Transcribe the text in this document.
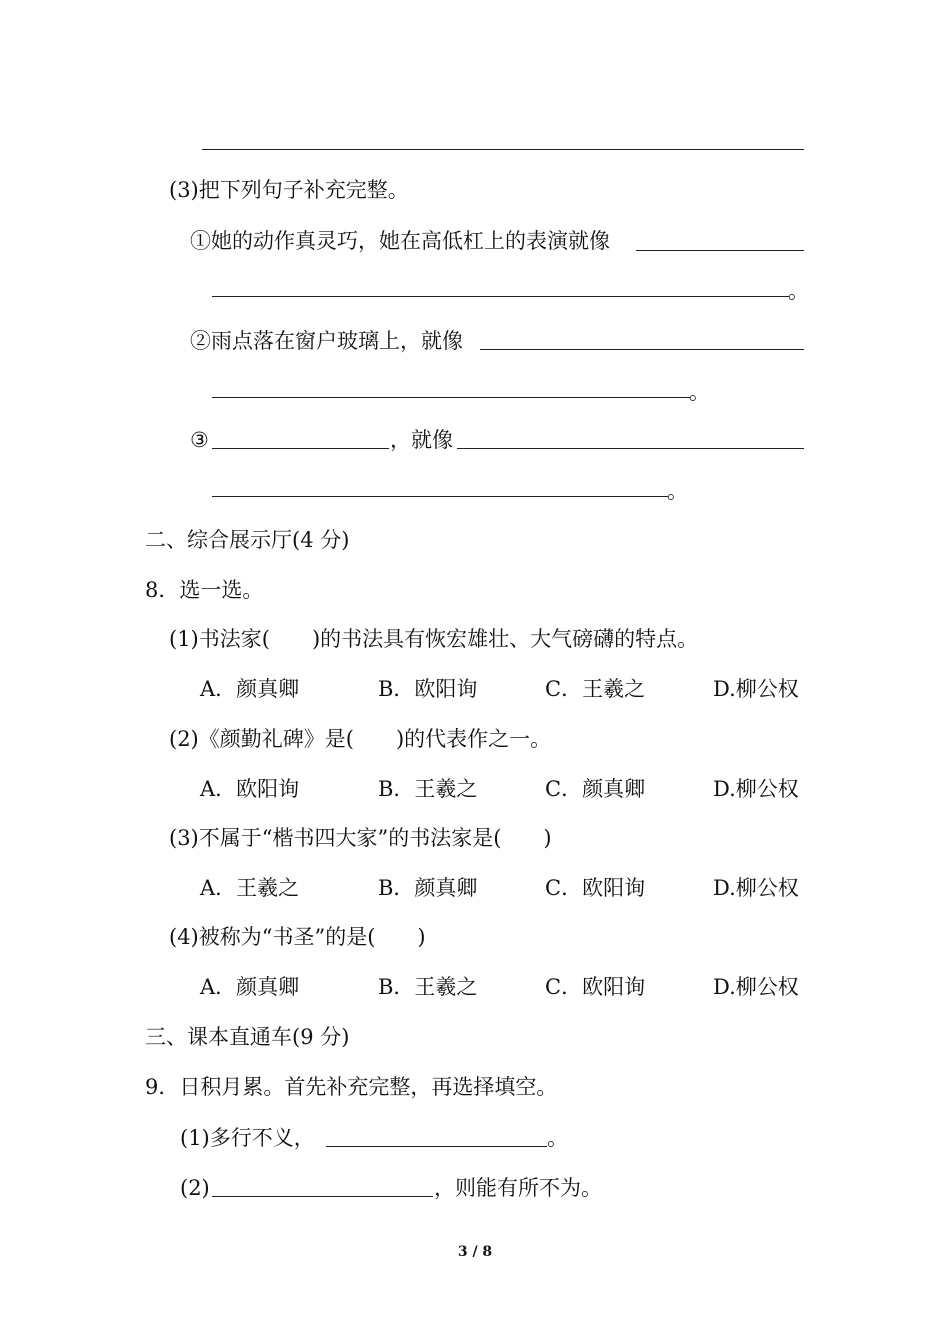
(3)把下列句子补充完整。
①她的动作真灵巧，她在高低杠上的表演就像
。
②雨点落在窗户玻璃上，就像
。
③	，就像
。
二、综合展示厅(4 分)
8．选一选。
(1)书法家(　　)的书法具有恢宏雄壮、大气磅礴的特点。
A．颜真卿	B．欧阳询	C．王羲之	D.柳公权
(2)《颜勤礼碑》是(　　)的代表作之一。
A．欧阳询	B．王羲之	C．颜真卿	D.柳公权
(3)不属于“楷书四大家”的书法家是(　　)
A．王羲之	B．颜真卿	C．欧阳询	D.柳公权
(4)被称为“书圣”的是(　　)
A．颜真卿	B．王羲之	C．欧阳询	D.柳公权
三、课本直通车(9 分)
9．日积月累。首先补充完整，再选择填空。
(1)多行不义，	。
(2)	，则能有所不为。
3 / 8
